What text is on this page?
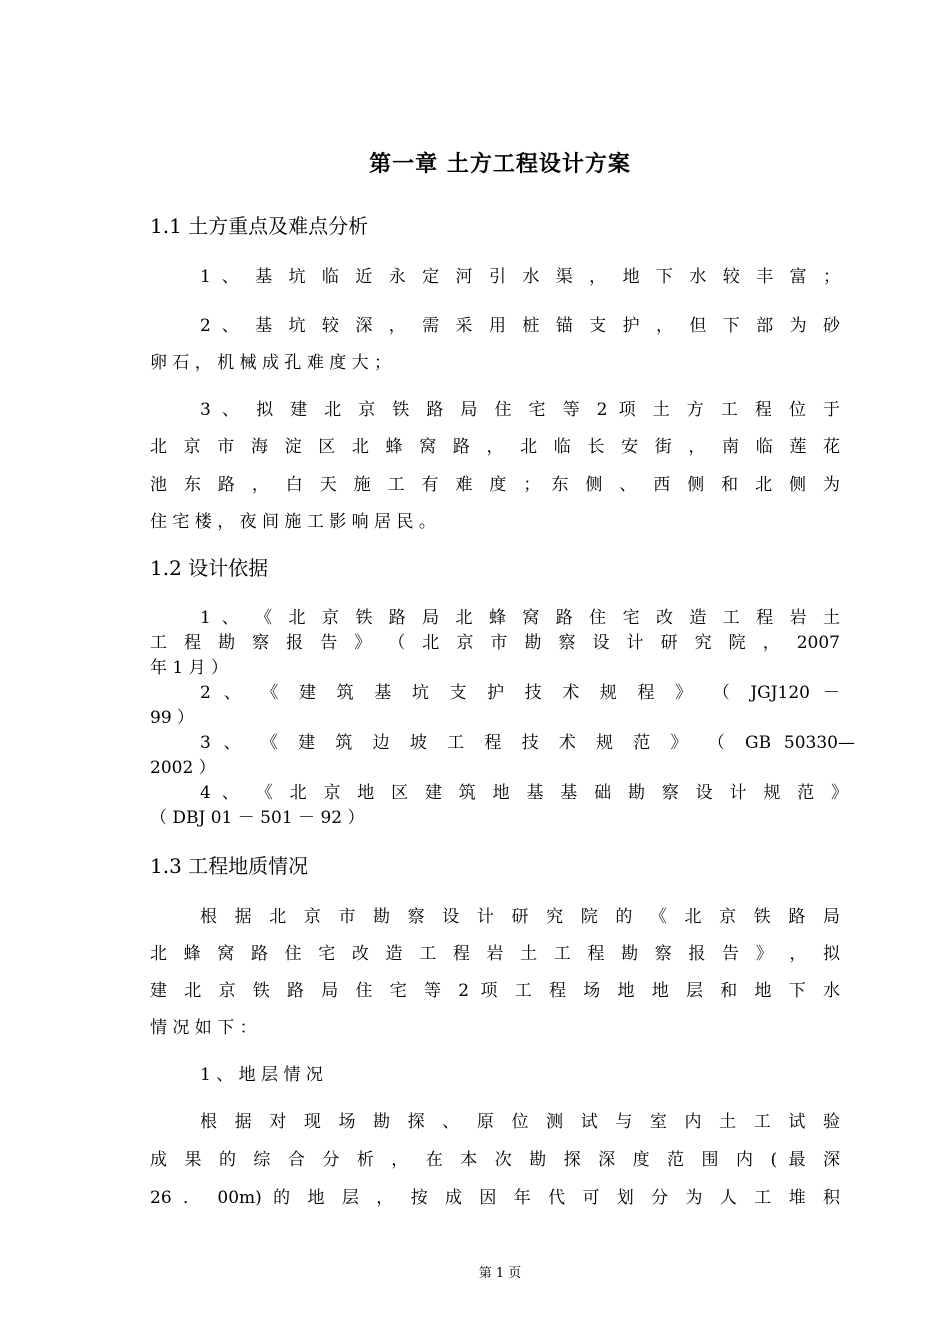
第一章 土方工程设计方案
1.1 土方重点及难点分析
1 、 基 坑 临 近 永 定 河 引 水 渠 ， 地 下 水 较 丰 富 ；
2 、 基 坑 较 深 ， 需 采 用 桩 锚 支 护 ， 但 下 部 为 砂
卵 石 ， 机 械 成 孔 难 度 大 ；
3 、 拟 建 北 京 铁 路 局 住 宅 等 2 项 土 方 工 程 位 于
北 京 市 海 淀 区 北 蜂 窝 路 ， 北 临 长 安 街 ， 南 临 莲 花
池 东 路 ， 白 天 施 工 有 难 度 ； 东 侧 、 西 侧 和 北 侧 为
住 宅 楼 ， 夜 间 施 工 影 响 居 民 。
1.2 设计依据
1 、 《 北 京 铁 路 局 北 蜂 窝 路 住 宅 改 造 工 程 岩 土
工 程 勘 察 报 告 》 （ 北 京 市 勘 察 设 计 研 究 院 ， 2007
年 1 月 ）
2 、 《 建 筑 基 坑 支 护 技 术 规 程 》 （ JGJ120 －
99 ）
3 、 《 建 筑 边 坡 工 程 技 术 规 范 》 （ GB 50330—
2002 ）
4 、 《 北 京 地 区 建 筑 地 基 基 础 勘 察 设 计 规 范 》
（ DBJ 01 － 501 － 92 ）
1.3 工程地质情况
根 据 北 京 市 勘 察 设 计 研 究 院 的 《 北 京 铁 路 局
北 蜂 窝 路 住 宅 改 造 工 程 岩 土 工 程 勘 察 报 告 》 ， 拟
建 北 京 铁 路 局 住 宅 等 2 项 工 程 场 地 地 层 和 地 下 水
情 况 如 下 ：
1 、 地 层 情 况
根 据 对 现 场 勘 探 、 原 位 测 试 与 室 内 土 工 试 验
成 果 的 综 合 分 析 ， 在 本 次 勘 探 深 度 范 围 内 ( 最 深
26 ． 00m) 的 地 层 ， 按 成 因 年 代 可 划 分 为 人 工 堆 积
第 1 页
